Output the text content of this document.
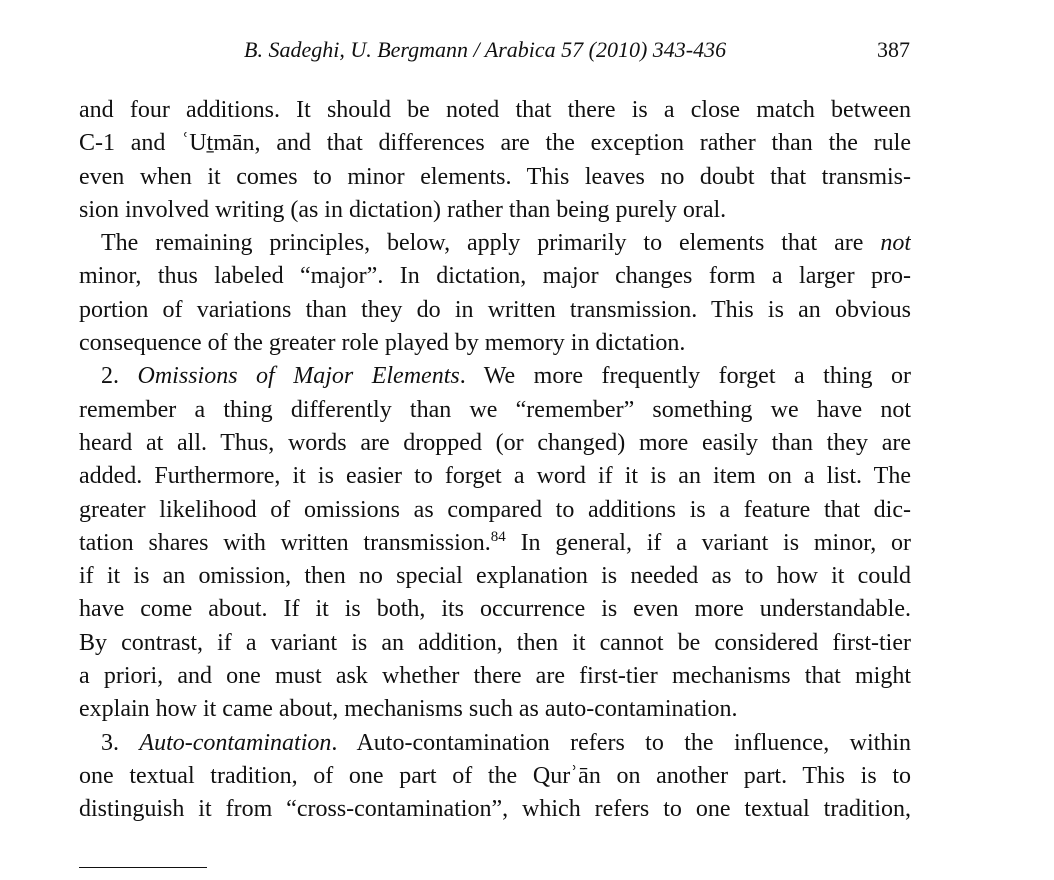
B. Sadeghi, U. Bergmann / Arabica 57 (2010) 343-436	387
and four additions. It should be noted that there is a close match between
C-1 and ʿUṯmān, and that differences are the exception rather than the rule
even when it comes to minor elements. This leaves no doubt that transmis-
sion involved writing (as in dictation) rather than being purely oral.
The remaining principles, below, apply primarily to elements that are not
minor, thus labeled “major”. In dictation, major changes form a larger pro-
portion of variations than they do in written transmission. This is an obvious
consequence of the greater role played by memory in dictation.
2. Omissions of Major Elements. We more frequently forget a thing or
remember a thing differently than we “remember” something we have not
heard at all. Thus, words are dropped (or changed) more easily than they are
added. Furthermore, it is easier to forget a word if it is an item on a list. The
greater likelihood of omissions as compared to additions is a feature that dic-
tation shares with written transmission.$^{84}$ In general, if a variant is minor, or
if it is an omission, then no special explanation is needed as to how it could
have come about. If it is both, its occurrence is even more understandable.
By contrast, if a variant is an addition, then it cannot be considered first-tier
a priori, and one must ask whether there are first-tier mechanisms that might
explain how it came about, mechanisms such as auto-contamination.
3. Auto-contamination. Auto-contamination refers to the influence, within
one textual tradition, of one part of the Qurʾān on another part. This is to
distinguish it from “cross-contamination”, which refers to one textual tradition,
